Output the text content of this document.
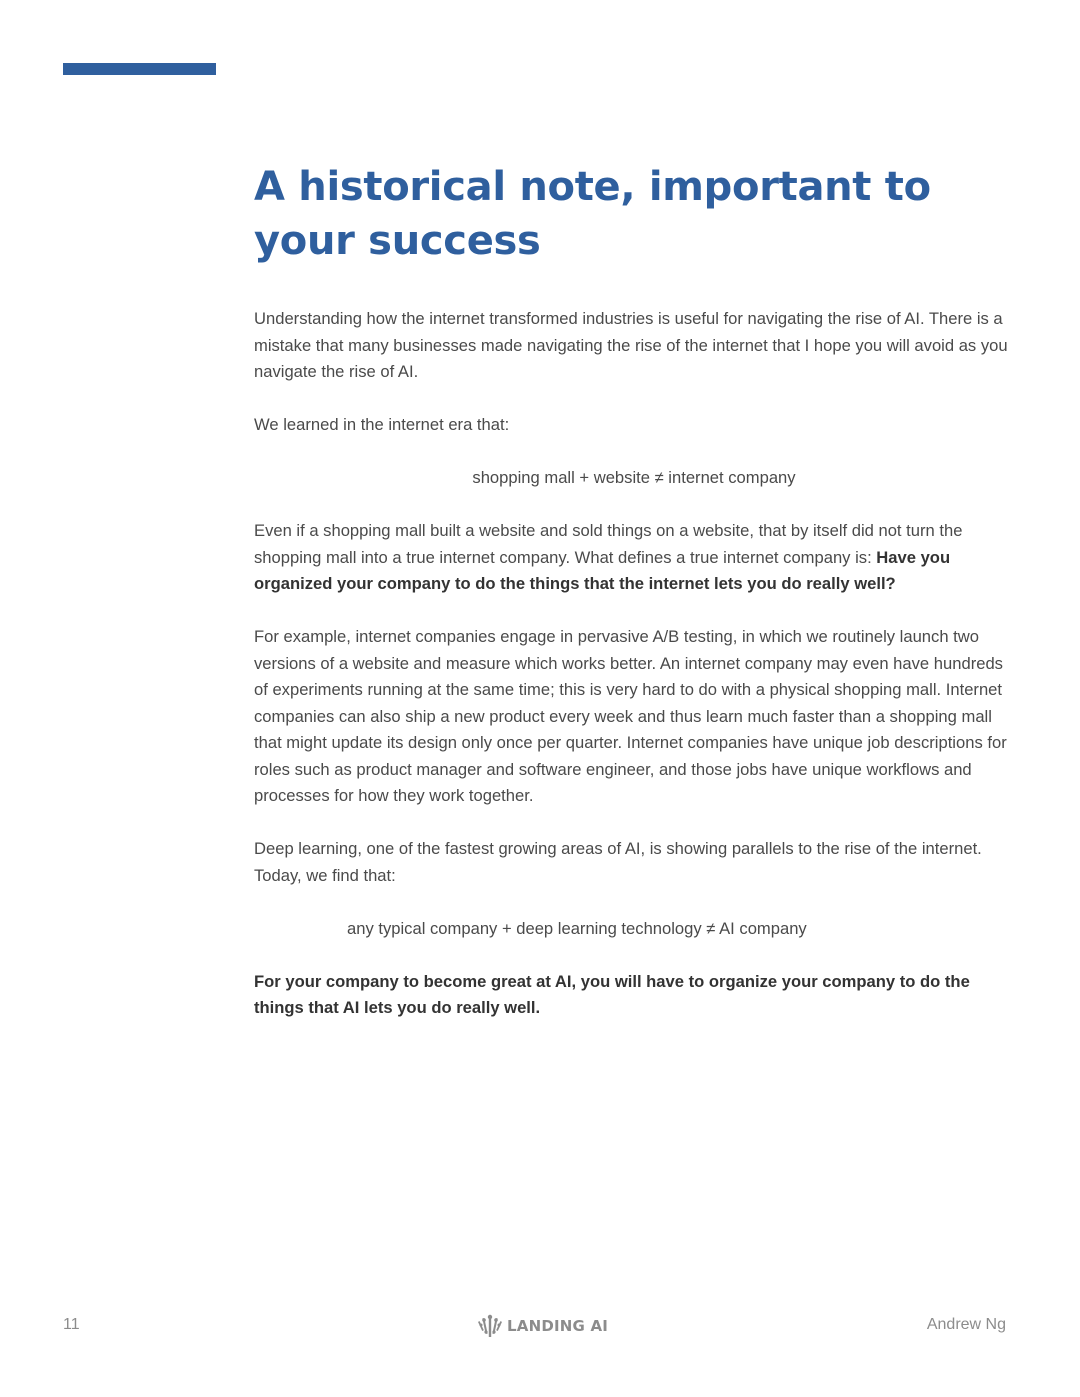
A historical note, important to your success

Understanding how the internet transformed industries is useful for navigating the rise of AI. There is a mistake that many businesses made navigating the rise of the internet that I hope you will avoid as you navigate the rise of AI.

We learned in the internet era that:

shopping mall + website ≠ internet company

Even if a shopping mall built a website and sold things on a website, that by itself did not turn the shopping mall into a true internet company. What defines a true internet company is: Have you organized your company to do the things that the internet lets you do really well?

For example, internet companies engage in pervasive A/B testing, in which we routinely launch two versions of a website and measure which works better. An internet company may even have hundreds of experiments running at the same time; this is very hard to do with a physical shopping mall. Internet companies can also ship a new product every week and thus learn much faster than a shopping mall that might update its design only once per quarter. Internet companies have unique job descriptions for roles such as product manager and software engineer, and those jobs have unique workflows and processes for how they work together.

Deep learning, one of the fastest growing areas of AI, is showing parallels to the rise of the internet. Today, we find that:

any typical company + deep learning technology ≠ AI company

For your company to become great at AI, you will have to organize your company to do the things that AI lets you do really well.

11	LANDING AI	Andrew Ng
